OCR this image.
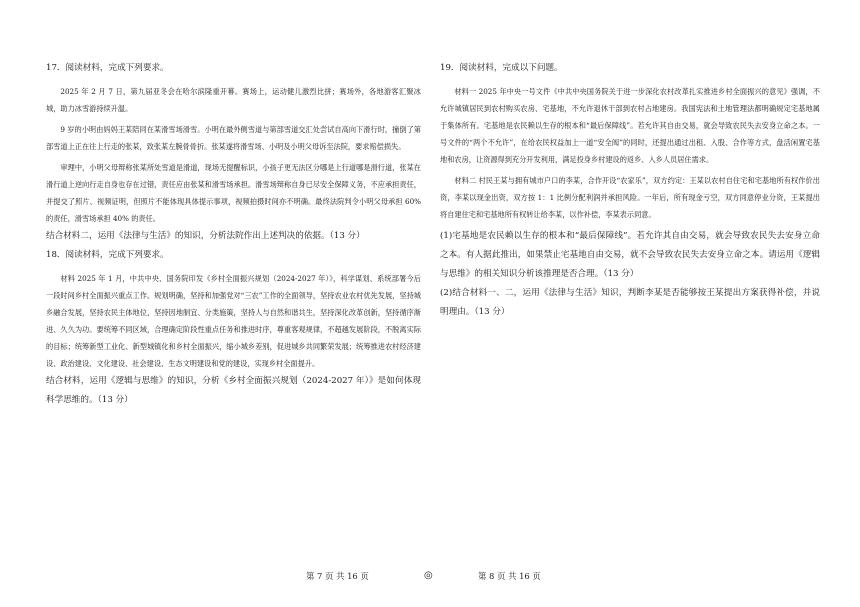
17．阅读材料，完成下列要求。

2025 年 2 月 7 日，第九届亚冬会在哈尔滨隆重开幕。赛场上，运动健儿激烈比拼；赛场外，各地游客汇聚冰城，助力冰雪游持续升温。

9 岁的小明由妈妈王某陪同在某滑雪场滑雪。小明在最外侧雪道与第部雪道交汇处尝试自高向下滑行时，撞倒了第部雪道上正在往上行走的张某，致张某左腕骨骨折。张某遂将滑雪场、小明及小明父母诉至法院，要求赔偿损失。

审理中，小明父母辩称张某所处雪道是滑道，现场无提醒标识，小孩子更无法区分哪是上行道哪是滑行道，张某在滑行道上逆向行走自身也存在过错，责任应由张某和滑雪场承担。滑雪场辩称自身已尽安全保障义务，不应承担责任，并提交了照片、视频证明，但照片不能体现具体提示事项，视频拍摄时间亦不明确。最终法院判令小明父母承担 60% 的责任，滑雪场承担 40% 的责任。

结合材料二，运用《法律与生活》的知识，分析法院作出上述判决的依据。（13 分）

18．阅读材料，完成下列要求。

材料 2025 年 1 月，中共中央、国务院印发《乡村全面振兴规划（2024-2027 年）》，科学谋划、系统部署今后一段时间乡村全面振兴重点工作。规划明确，坚持和加强党对“三农”工作的全面领导，坚持农业农村优先发展，坚持城乡融合发展，坚持农民主体地位，坚持因地制宜、分类施策，坚持人与自然和谐共生，坚持深化改革创新，坚持循序渐进、久久为功。要统筹不同区域，合理确定阶段性重点任务和推进时序，尊重客观规律，不超越发展阶段，不脱离实际的目标；统筹新型工业化、新型城镇化和乡村全面振兴，缩小城乡差别，促进城乡共同繁荣发展；统筹推进农村经济建设、政治建设、文化建设、社会建设、生态文明建设和党的建设，实现乡村全面提升。

结合材料，运用《逻辑与思维》的知识，分析《乡村全面振兴规划（2024-2027 年）》是如何体现科学思维的。（13 分）

19．阅读材料，完成以下问题。

材料一 2025 年中央一号文件《中共中央国务院关于进一步深化农村改革扎实推进乡村全面振兴的意见》强调，不允许城镇居民到农村购买农房、宅基地，不允许退休干部到农村占地建房。我国宪法和土地管理法都明确规定宅基地属于集体所有。宅基地是农民赖以生存的根本和“最后保障线”。若允许其自由交易，就会导致农民失去安身立命之本。一号文件的“两个不允许”，在给农民权益加上一道“安全阀”的同时，还提出通过出租、入股、合作等方式，盘活闲置宅基地和农房，让资源得到充分开发利用，满足投身乡村建设的返乡、入乡人员居住需求。

材料二 村民王某与拥有城市户口的李某，合作开设“农家乐”，双方约定：王某以农村自住宅和宅基地所有权作价出资，李某以现金出资，双方按 1：1 比例分配利润并承担风险。一年后，所有现金亏空，双方同意停业分资，王某提出将自建住宅和宅基地所有权转让给李某，以作补偿，李某表示同意。

(1)宅基地是农民赖以生存的根本和“最后保障线”。若允许其自由交易，就会导致农民失去安身立命之本。有人据此推出，如果禁止宅基地自由交易，就不会导致农民失去安身立命之本。请运用《逻辑与思维》的相关知识分析该推理是否合理。（13 分）

(2)结合材料一、二，运用《法律与生活》知识，判断李某是否能够按王某提出方案获得补偿，并说明理由。（13 分）

第 7 页 共 16 页	◎	第 8 页 共 16 页
